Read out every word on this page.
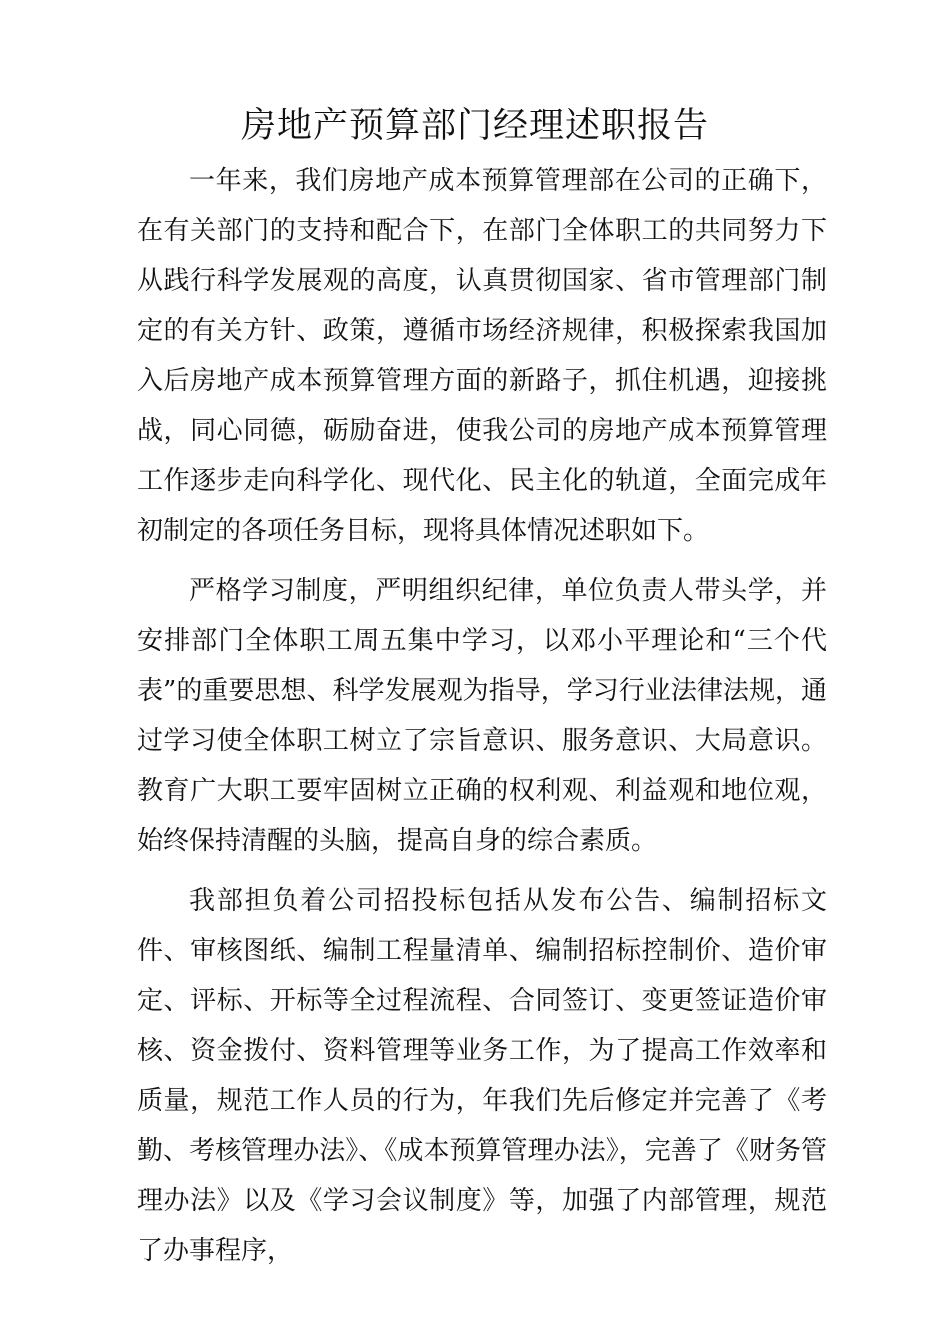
房地产预算部门经理述职报告

一年来，我们房地产成本预算管理部在公司的正确下，在有关部门的支持和配合下，在部门全体职工的共同努力下从践行科学发展观的高度，认真贯彻国家、省市管理部门制定的有关方针、政策，遵循市场经济规律，积极探索我国加入后房地产成本预算管理方面的新路子，抓住机遇，迎接挑战，同心同德，砺励奋进，使我公司的房地产成本预算管理工作逐步走向科学化、现代化、民主化的轨道，全面完成年初制定的各项任务目标，现将具体情况述职如下。

严格学习制度，严明组织纪律，单位负责人带头学，并安排部门全体职工周五集中学习，以邓小平理论和“三个代表”的重要思想、科学发展观为指导，学习行业法律法规，通过学习使全体职工树立了宗旨意识、服务意识、大局意识。教育广大职工要牢固树立正确的权利观、利益观和地位观，始终保持清醒的头脑，提高自身的综合素质。

我部担负着公司招投标包括从发布公告、编制招标文件、审核图纸、编制工程量清单、编制招标控制价、造价审定、评标、开标等全过程流程、合同签订、变更签证造价审核、资金拨付、资料管理等业务工作，为了提高工作效率和质量，规范工作人员的行为，年我们先后修定并完善了《考勤、考核管理办法》、《成本预算管理办法》，完善了《财务管理办法》以及《学习会议制度》等，加强了内部管理，规范了办事程序，
